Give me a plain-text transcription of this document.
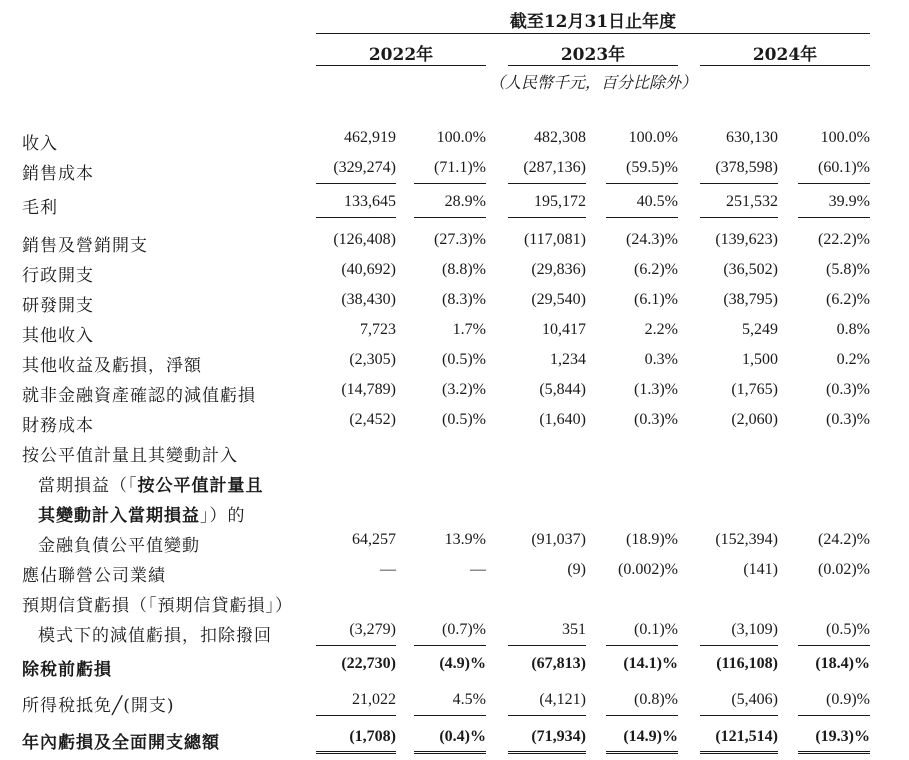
截至12月31日止年度
2022年	2023年	2024年
（人民幣千元，百分比除外）
收入	462,919	100.0%	482,308	100.0%	630,130	100.0%
銷售成本	(329,274)	(71.1)%	(287,136)	(59.5)%	(378,598)	(60.1)%
毛利	133,645	28.9%	195,172	40.5%	251,532	39.9%
銷售及營銷開支	(126,408)	(27.3)%	(117,081)	(24.3)%	(139,623)	(22.2)%
行政開支	(40,692)	(8.8)%	(29,836)	(6.2)%	(36,502)	(5.8)%
研發開支	(38,430)	(8.3)%	(29,540)	(6.1)%	(38,795)	(6.2)%
其他收入	7,723	1.7%	10,417	2.2%	5,249	0.8%
其他收益及虧損，淨額	(2,305)	(0.5)%	1,234	0.3%	1,500	0.2%
就非金融資產確認的減值虧損	(14,789)	(3.2)%	(5,844)	(1.3)%	(1,765)	(0.3)%
財務成本	(2,452)	(0.5)%	(1,640)	(0.3)%	(2,060)	(0.3)%
按公平值計量且其變動計入
當期損益（「按公平值計量且
其變動計入當期損益」）的
金融負債公平值變動	64,257	13.9%	(91,037)	(18.9)%	(152,394)	(24.2)%
應佔聯營公司業績	—	—	(9)	(0.002)%	(141)	(0.02)%
預期信貸虧損（「預期信貸虧損」）
模式下的減值虧損，扣除撥回	(3,279)	(0.7)%	351	(0.1)%	(3,109)	(0.5)%
除稅前虧損	(22,730)	(4.9)%	(67,813)	(14.1)%	(116,108)	(18.4)%
所得稅抵免╱(開支)	21,022	4.5%	(4,121)	(0.8)%	(5,406)	(0.9)%
年內虧損及全面開支總額	(1,708)	(0.4)%	(71,934)	(14.9)%	(121,514)	(19.3)%
